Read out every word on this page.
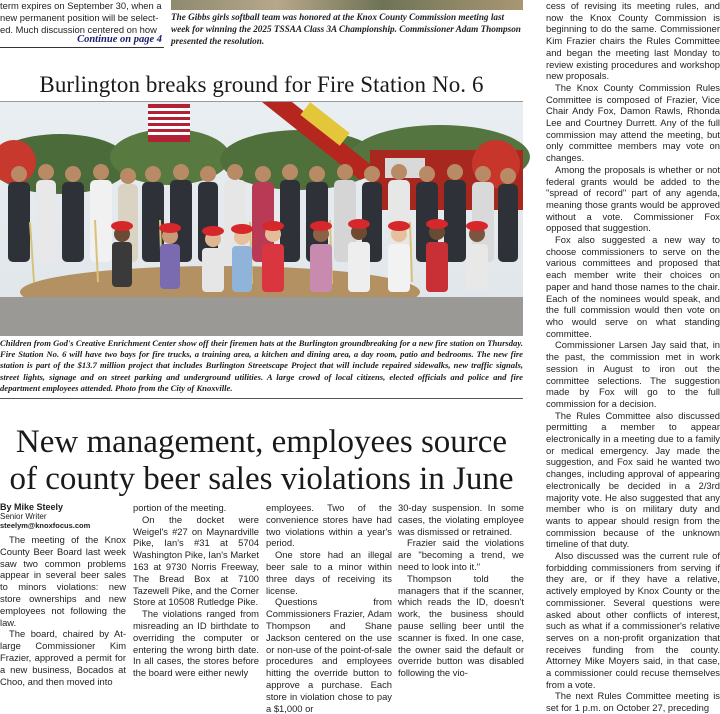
term expires on September 30, when a

new permanent position will be select-

ed. Much discussion centered on how

Continue on page 4
The Gibbs girls softball team was honored at the Knox County Commission meeting last week for winning the 2025 TSSAA Class 3A Championship. Commissioner Adam Thompson presented the resolution.
Burlington breaks ground for Fire Station No. 6
Children from God's Creative Enrichment Center show off their firemen hats at the Burlington groundbreaking for a new fire station on Thursday. Fire Station No. 6 will have two bays for fire trucks, a training area, a kitchen and dining area, a day room, patio and bedrooms. The new fire station is part of the $13.7 million project that includes Burlington Streetscape Project that will include repaired sidewalks, new traffic signals, street lights, signage and on street parking and underground utilities. A large crowd of local citizens, elected officials and police and fire department employees attended. Photo from the City of Knoxville.
New management, employees source of county beer sales violations in June
By Mike Steely
Senior Writer
steelym@knoxfocus.com

The meeting of the Knox County Beer Board last week saw two common problems appear in several beer sales to minors violations: new store ownerships and new employees not following the law.

The board, chaired by At-large Commissioner Kim Frazier, approved a permit for a new business, Bocados at Choo, and then moved into

portion of the meeting.

On the docket were Weigel's #27 on Maynardville Pike, Ian's #31 at 5704 Washington Pike, Ian's Market 163 at 9730 Norris Freeway, The Bread Box at 7100 Tazewell Pike, and the Corner Store at 10508 Rutledge Pike.

The violations ranged from misreading an ID birthdate to overriding the computer or entering the wrong birth date. In all cases, the stores before the board were either newly

employees. Two of the convenience stores have had two violations within a year's period.

One store had an illegal beer sale to a minor within three days of receiving its license.

Questions from Commissioners Frazier, Adam Thompson and Shane Jackson centered on the use or non-use of the point-of-sale procedures and employees hitting the override button to approve a purchase. Each store in violation chose to pay a $1,000 or

30-day suspension. In some cases, the violating employee was dismissed or retrained.

Frazier said the violations are "becoming a trend, we need to look into it."

Thompson told the managers that if the scanner, which reads the ID, doesn't work, the business should pause selling beer until the scanner is fixed. In one case, the owner said the default or override button was disabled following the vio-

cess of revising its meeting rules, and now the Knox County Commission is beginning to do the same. Commissioner Kim Frazier chairs the Rules Committee and began the meeting last Monday to review existing procedures and workshop new proposals.

The Knox County Commission Rules Committee is composed of Frazier, Vice Chair Andy Fox, Damon Rawls, Rhonda Lee and Courtney Durrett. Any of the full commission may attend the meeting, but only committee members may vote on changes.

Among the proposals is whether or not federal grants would be added to the "spread of record" part of any agenda, meaning those grants would be approved without a vote. Commissioner Fox opposed that suggestion.

Fox also suggested a new way to choose commissioners to serve on the various committees and proposed that each member write their choices on paper and hand those names to the chair. Each of the nominees would speak, and the full commission would then vote on who would serve on what standing committee.

Commissioner Larsen Jay said that, in the past, the commission met in work session in August to iron out the committee selections. The suggestion made by Fox will go to the full commission for a decision.

The Rules Committee also discussed permitting a member to appear electronically in a meeting due to a family or medical emergency. Jay made the suggestion, and Fox said he wanted two changes, including approval of appearing electronically be decided in a 2/3rd majority vote. He also suggested that any member who is on military duty and wants to appear should resign from the commission because of the unknown timeline of that duty.

Also discussed was the current rule of forbidding commissioners from serving if they are, or if they have a relative, actively employed by Knox County or the commissioner. Several questions were asked about other conflicts of interest, such as what if a commissioner's relative serves on a non-profit organization that receives funding from the county. Attorney Mike Moyers said, in that case, a commissioner could recuse themselves from a vote.

The next Rules Committee meeting is set for 1 p.m. on October 27, preceding
